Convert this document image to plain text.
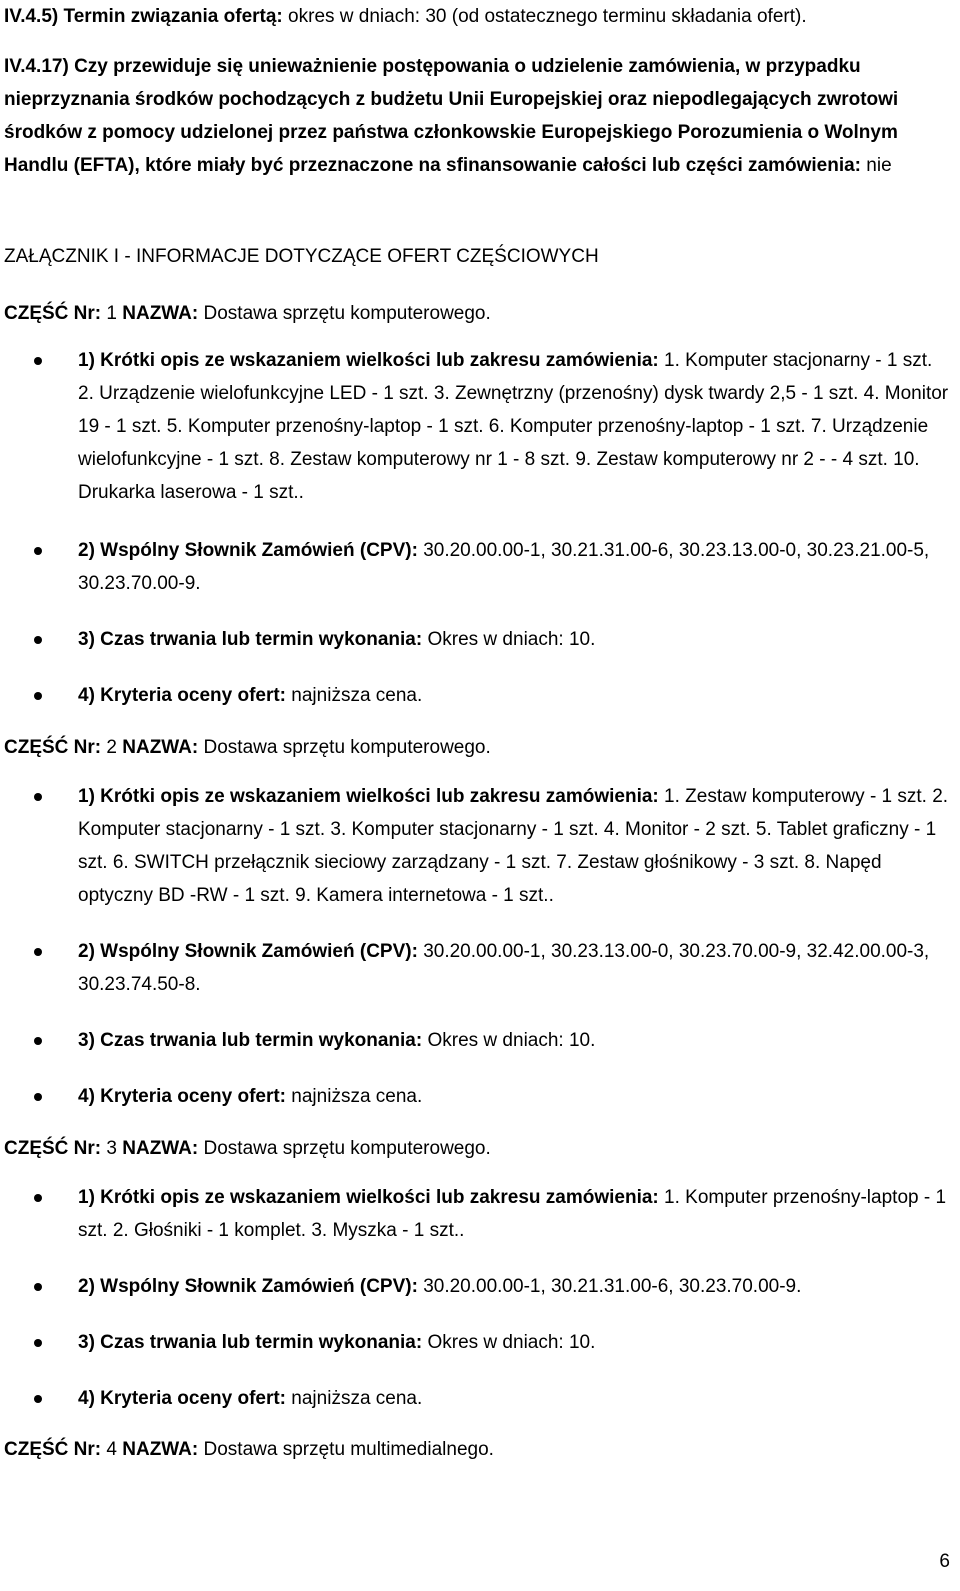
IV.4.5) Termin związania ofertą: okres w dniach: 30 (od ostatecznego terminu składania ofert).

IV.4.17) Czy przewiduje się unieważnienie postępowania o udzielenie zamówienia, w przypadku nieprzyznania środków pochodzących z budżetu Unii Europejskiej oraz niepodlegających zwrotowi środków z pomocy udzielonej przez państwa członkowskie Europejskiego Porozumienia o Wolnym Handlu (EFTA), które miały być przeznaczone na sfinansowanie całości lub części zamówienia: nie

ZAŁĄCZNIK I - INFORMACJE DOTYCZĄCE OFERT CZĘŚCIOWYCH
CZĘŚĆ Nr: 1 NAZWA: Dostawa sprzętu komputerowego.
1) Krótki opis ze wskazaniem wielkości lub zakresu zamówienia: 1. Komputer stacjonarny - 1 szt. 2. Urządzenie wielofunkcyjne LED - 1 szt. 3. Zewnętrzny (przenośny) dysk twardy 2,5 - 1 szt. 4. Monitor 19 - 1 szt. 5. Komputer przenośny-laptop - 1 szt. 6. Komputer przenośny-laptop - 1 szt. 7. Urządzenie wielofunkcyjne - 1 szt. 8. Zestaw komputerowy nr 1 - 8 szt. 9. Zestaw komputerowy nr 2 - - 4 szt. 10. Drukarka laserowa - 1 szt..
2) Wspólny Słownik Zamówień (CPV): 30.20.00.00-1, 30.21.31.00-6, 30.23.13.00-0, 30.23.21.00-5, 30.23.70.00-9.
3) Czas trwania lub termin wykonania: Okres w dniach: 10.
4) Kryteria oceny ofert: najniższa cena.
CZĘŚĆ Nr: 2 NAZWA: Dostawa sprzętu komputerowego.
1) Krótki opis ze wskazaniem wielkości lub zakresu zamówienia: 1. Zestaw komputerowy - 1 szt. 2. Komputer stacjonarny - 1 szt. 3. Komputer stacjonarny - 1 szt. 4. Monitor - 2 szt. 5. Tablet graficzny - 1 szt. 6. SWITCH przełącznik sieciowy zarządzany - 1 szt. 7. Zestaw głośnikowy - 3 szt. 8. Napęd optyczny BD -RW - 1 szt. 9. Kamera internetowa - 1 szt..
2) Wspólny Słownik Zamówień (CPV): 30.20.00.00-1, 30.23.13.00-0, 30.23.70.00-9, 32.42.00.00-3, 30.23.74.50-8.
3) Czas trwania lub termin wykonania: Okres w dniach: 10.
4) Kryteria oceny ofert: najniższa cena.
CZĘŚĆ Nr: 3 NAZWA: Dostawa sprzętu komputerowego.
1) Krótki opis ze wskazaniem wielkości lub zakresu zamówienia: 1. Komputer przenośny-laptop - 1 szt. 2. Głośniki - 1 komplet. 3. Myszka - 1 szt..
2) Wspólny Słownik Zamówień (CPV): 30.20.00.00-1, 30.21.31.00-6, 30.23.70.00-9.
3) Czas trwania lub termin wykonania: Okres w dniach: 10.
4) Kryteria oceny ofert: najniższa cena.
CZĘŚĆ Nr: 4 NAZWA: Dostawa sprzętu multimedialnego.
6
